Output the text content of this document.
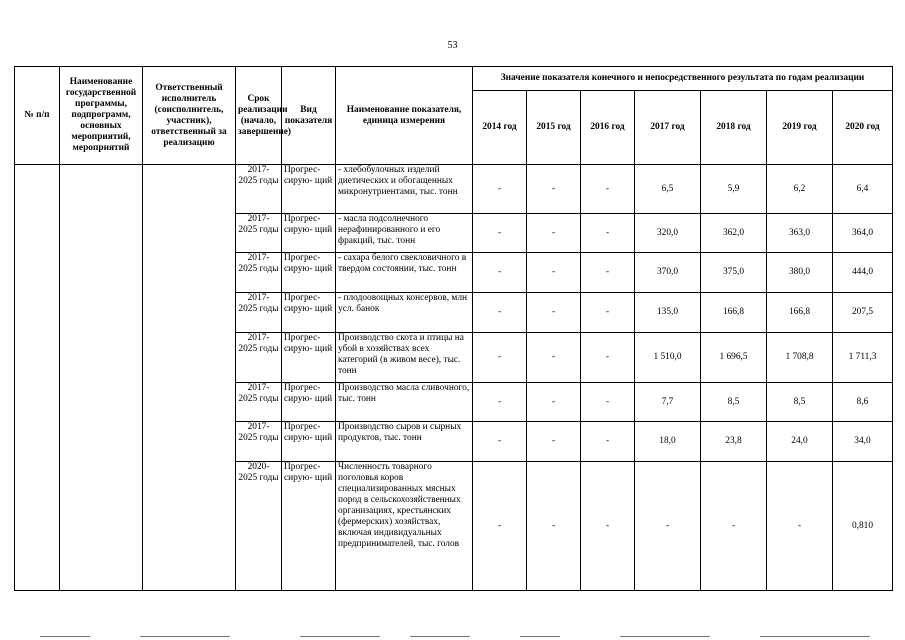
53
№ п/п	Наименование государственной программы, подпрограмм, основных мероприятий, мероприятий	Ответственный исполнитель (соисполнитель, участник), ответственный за реализацию	Срок реализации (начало, завершение)	Вид показателя	Наименование показателя, единица измерения	Значение показателя конечного и непосредственного результата по годам реализации						
						2014 год	2015 год	2016 год	2017 год	2018 год	2019 год	2020 год
			2017- 2025 годы	Прогрес- сирую- щий	- хлебобулочных изделий диетических и обогащенных микронутриентами, тыс. тонн	-	-	-	6,5	5,9	6,2	6,4
			2017- 2025 годы	Прогрес- сирую- щий	- масла подсолнечного нерафинированного и его фракций, тыс. тонн	-	-	-	320,0	362,0	363,0	364,0
			2017- 2025 годы	Прогрес- сирую- щий	- сахара белого свекловичного в твердом состоянии, тыс. тонн	-	-	-	370,0	375,0	380,0	444,0
			2017- 2025 годы	Прогрес- сирую- щий	- плодоовощных консервов, млн усл. банок	-	-	-	135,0	166,8	166,8	207,5
			2017- 2025 годы	Прогрес- сирую- щий	Производство скота и птицы на убой в хозяйствах всех категорий (в живом весе), тыс. тонн	-	-	-	1 510,0	1 696,5	1 708,8	1 711,3
			2017- 2025 годы	Прогрес- сирую- щий	Производство масла сливочного, тыс. тонн	-	-	-	7,7	8,5	8,5	8,6
			2017- 2025 годы	Прогрес- сирую- щий	Производство сыров и сырных продуктов, тыс. тонн	-	-	-	18,0	23,8	24,0	34,0
			2020- 2025 годы	Прогрес- сирую- щий	Численность товарного поголовья коров специализированных мясных пород в сельскохозяйственных организациях, крестьянских (фермерских) хозяйствах, включая индивидуальных предпринимателей, тыс. голов	-	-	-	-	-	-	0,810
